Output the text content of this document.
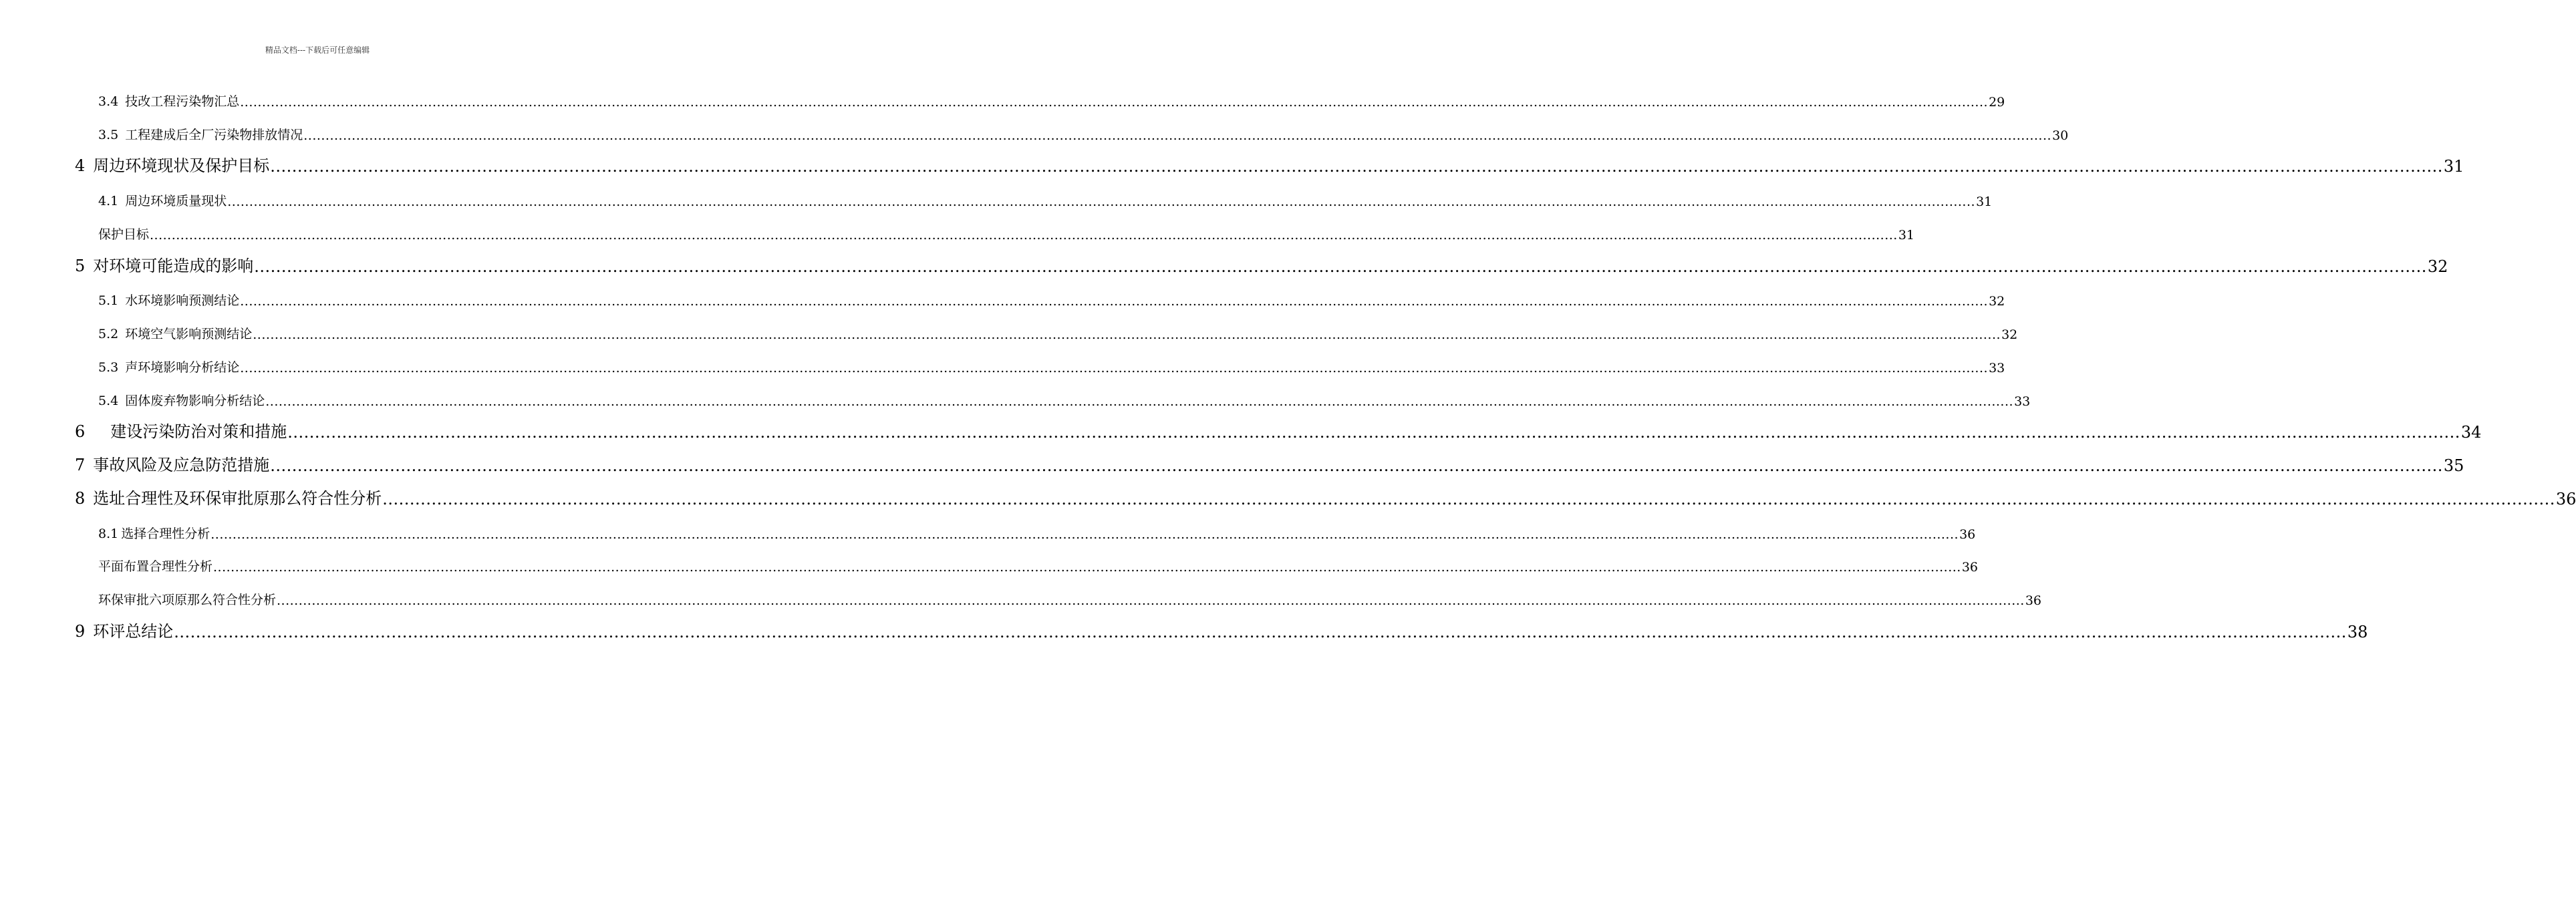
精品文档---下载后可任意编辑
3.4 技改工程污染物汇总 ................................................................................................................................................................................................................................................................................................................................................................................................................ 29
3.5 工程建成后全厂污染物排放情况 ................................................................................................................................................................................................................................................................................................................................................................................................................ 30
4 周边环境现状及保护目标 ................................................................................................................................................................................................................................................................................................................................................................................................................ 31
4.1 周边环境质量现状 ................................................................................................................................................................................................................................................................................................................................................................................................................ 31
保护目标 ................................................................................................................................................................................................................................................................................................................................................................................................................ 31
5 对环境可能造成的影响 ................................................................................................................................................................................................................................................................................................................................................................................................................ 32
5.1 水环境影响预测结论 ................................................................................................................................................................................................................................................................................................................................................................................................................ 32
5.2 环境空气影响预测结论 ................................................................................................................................................................................................................................................................................................................................................................................................................ 32
5.3 声环境影响分析结论 ................................................................................................................................................................................................................................................................................................................................................................................................................ 33
5.4 固体废弃物影响分析结论 ................................................................................................................................................................................................................................................................................................................................................................................................................ 33
6 建设污染防治对策和措施 ................................................................................................................................................................................................................................................................................................................................................................................................................ 34
7 事故风险及应急防范措施 ................................................................................................................................................................................................................................................................................................................................................................................................................ 35
8 选址合理性及环保审批原那么符合性分析 ................................................................................................................................................................................................................................................................................................................................................................................................................ 36
8.1 选择合理性分析 ................................................................................................................................................................................................................................................................................................................................................................................................................ 36
平面布置合理性分析 ................................................................................................................................................................................................................................................................................................................................................................................................................ 36
环保审批六项原那么符合性分析 ................................................................................................................................................................................................................................................................................................................................................................................................................ 36
9 环评总结论 ................................................................................................................................................................................................................................................................................................................................................................................................................ 38
